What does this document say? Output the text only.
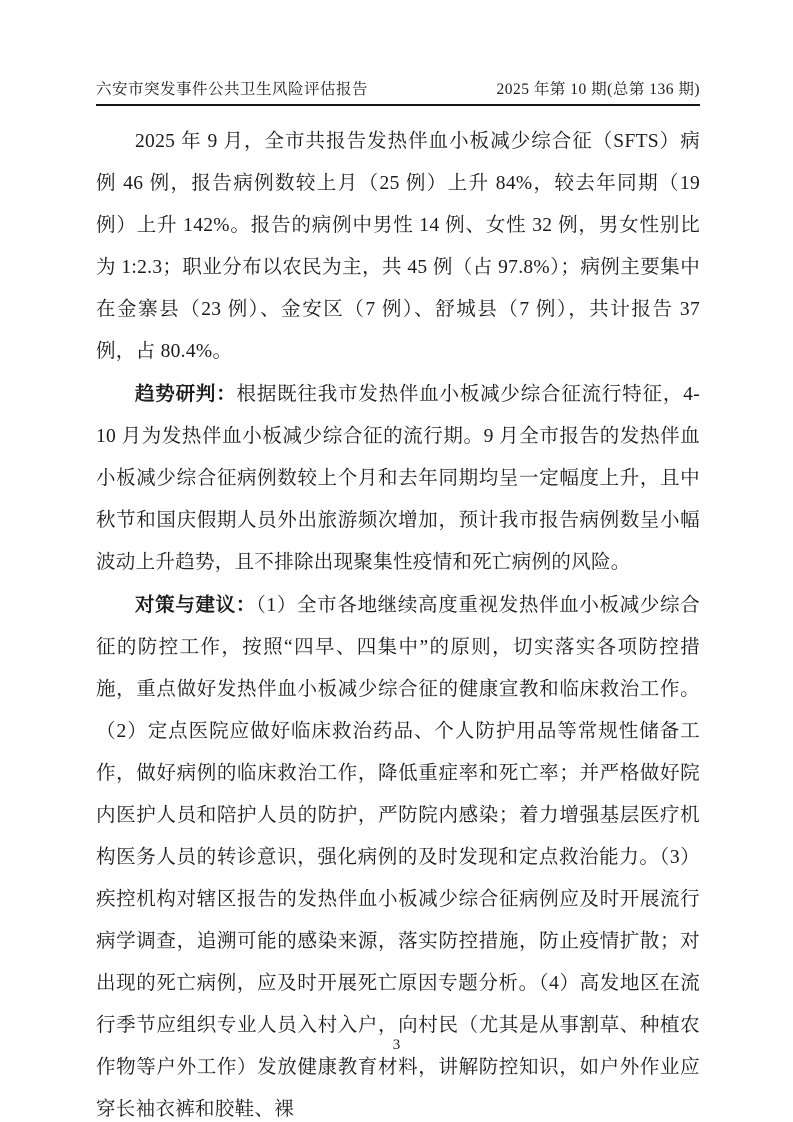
六安市突发事件公共卫生风险评估报告	2025 年第 10 期(总第 136 期)

2025 年 9 月，全市共报告发热伴血小板减少综合征（SFTS）病例 46 例，报告病例数较上月（25 例）上升 84%，较去年同期（19 例）上升 142%。报告的病例中男性 14 例、女性 32 例，男女性别比为 1:2.3；职业分布以农民为主，共 45 例（占 97.8%）；病例主要集中在金寨县（23 例）、金安区（7 例）、舒城县（7 例），共计报告 37 例，占 80.4%。

趋势研判：根据既往我市发热伴血小板减少综合征流行特征，4-10 月为发热伴血小板减少综合征的流行期。9 月全市报告的发热伴血小板减少综合征病例数较上个月和去年同期均呈一定幅度上升，且中秋节和国庆假期人员外出旅游频次增加，预计我市报告病例数呈小幅波动上升趋势，且不排除出现聚集性疫情和死亡病例的风险。

对策与建议：（1）全市各地继续高度重视发热伴血小板减少综合征的防控工作，按照“四早、四集中”的原则，切实落实各项防控措施，重点做好发热伴血小板减少综合征的健康宣教和临床救治工作。（2）定点医院应做好临床救治药品、个人防护用品等常规性储备工作，做好病例的临床救治工作，降低重症率和死亡率；并严格做好院内医护人员和陪护人员的防护，严防院内感染；着力增强基层医疗机构医务人员的转诊意识，强化病例的及时发现和定点救治能力。（3）疾控机构对辖区报告的发热伴血小板减少综合征病例应及时开展流行病学调查，追溯可能的感染来源，落实防控措施，防止疫情扩散；对出现的死亡病例，应及时开展死亡原因专题分析。（4）高发地区在流行季节应组织专业人员入村入户，向村民（尤其是从事割草、种植农作物等户外工作）发放健康教育材料，讲解防控知识，如户外作业应穿长袖衣裤和胶鞋、裸

3
